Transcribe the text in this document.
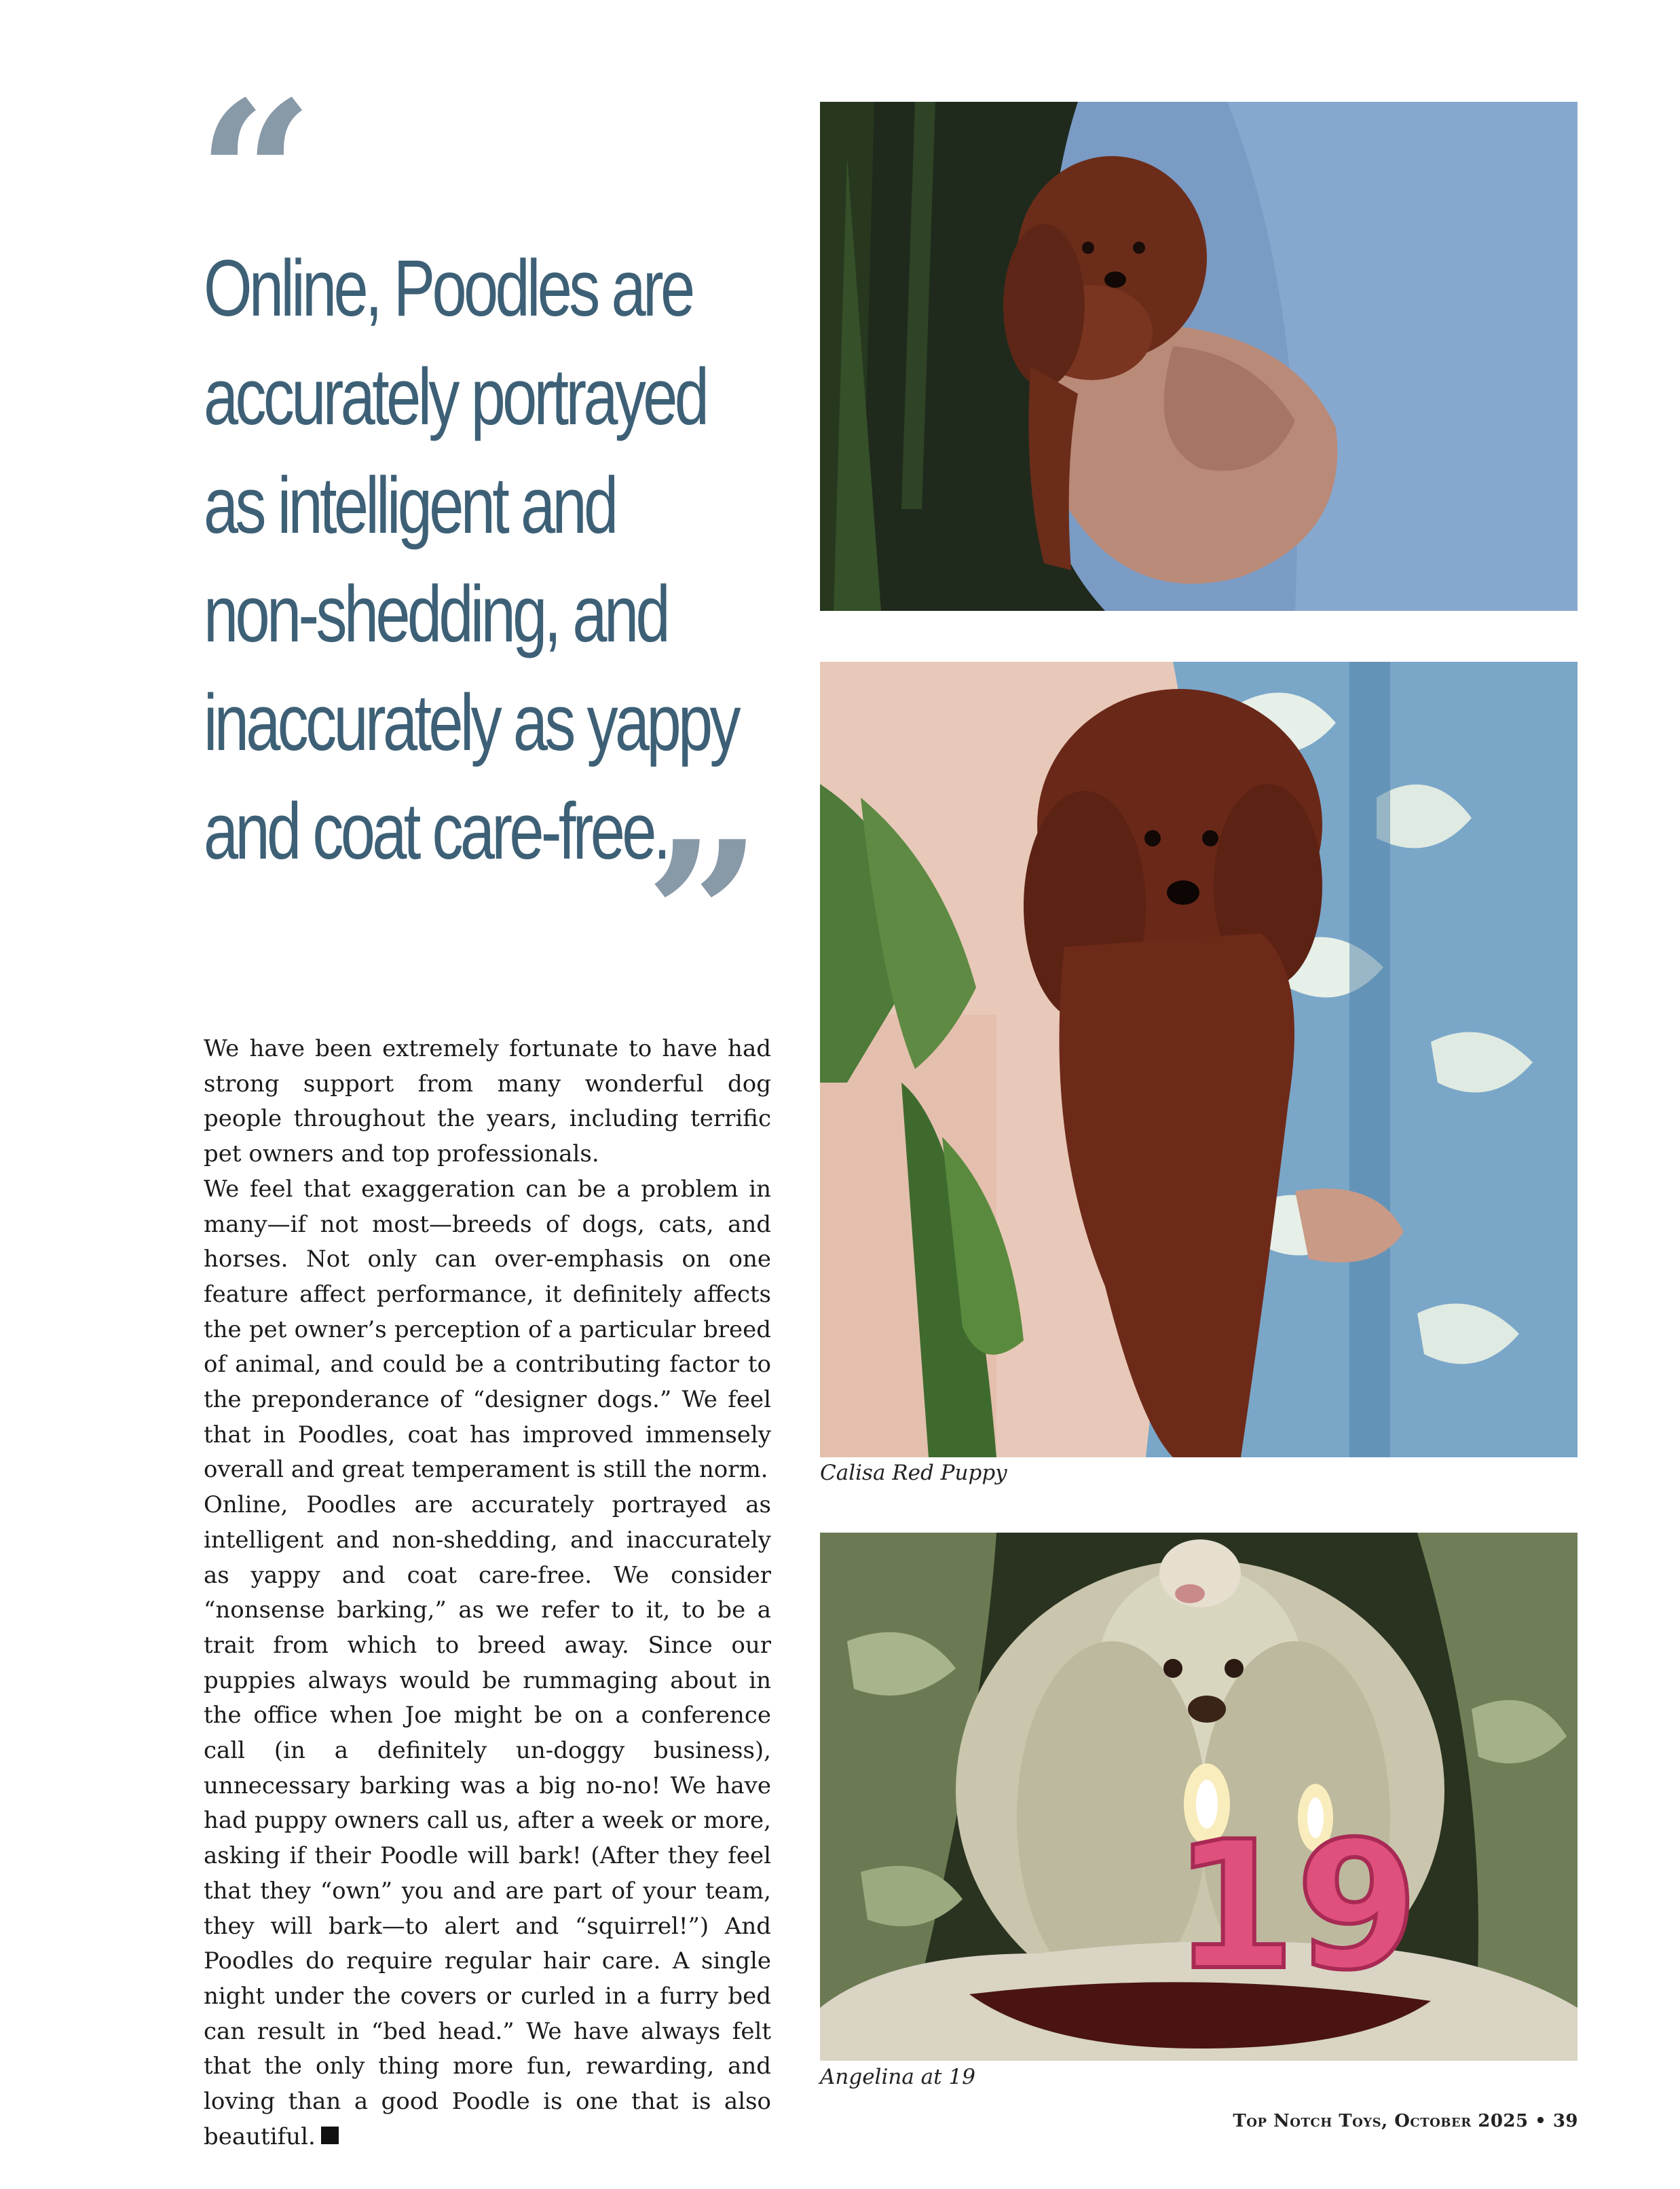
“
Online, Poodles are
accurately portrayed
as intelligent and
non-shedding, and
inaccurately as yappy
and coat care-free.
”

We have been extremely fortunate to have had strong support from many wonderful dog people throughout the years, including terrific pet owners and top professionals.

We feel that exaggeration can be a problem in many—if not most—breeds of dogs, cats, and horses. Not only can over-emphasis on one feature affect performance, it definitely affects the pet owner’s perception of a particular breed of animal, and could be a contributing factor to the preponderance of “designer dogs.” We feel that in Poodles, coat has improved immensely overall and great temperament is still the norm.

Online, Poodles are accurately portrayed as intelligent and non-shedding, and inaccurately as yappy and coat care-free. We consider “nonsense barking,” as we refer to it, to be a trait from which to breed away. Since our puppies always would be rummaging about in the office when Joe might be on a conference call (in a definitely un-doggy business), unnecessary barking was a big no-no! We have had puppy owners call us, after a week or more, asking if their Poodle will bark! (After they feel that they “own” you and are part of your team, they will bark—to alert and “squirrel!”) And Poodles do require regular hair care. A single night under the covers or curled in a furry bed can result in “bed head.” We have always felt that the only thing more fun, rewarding, and loving than a good Poodle is one that is also beautiful.

19
Calisa Red Puppy
Angelina at 19
Top Notch Toys, October 2025 • 39
